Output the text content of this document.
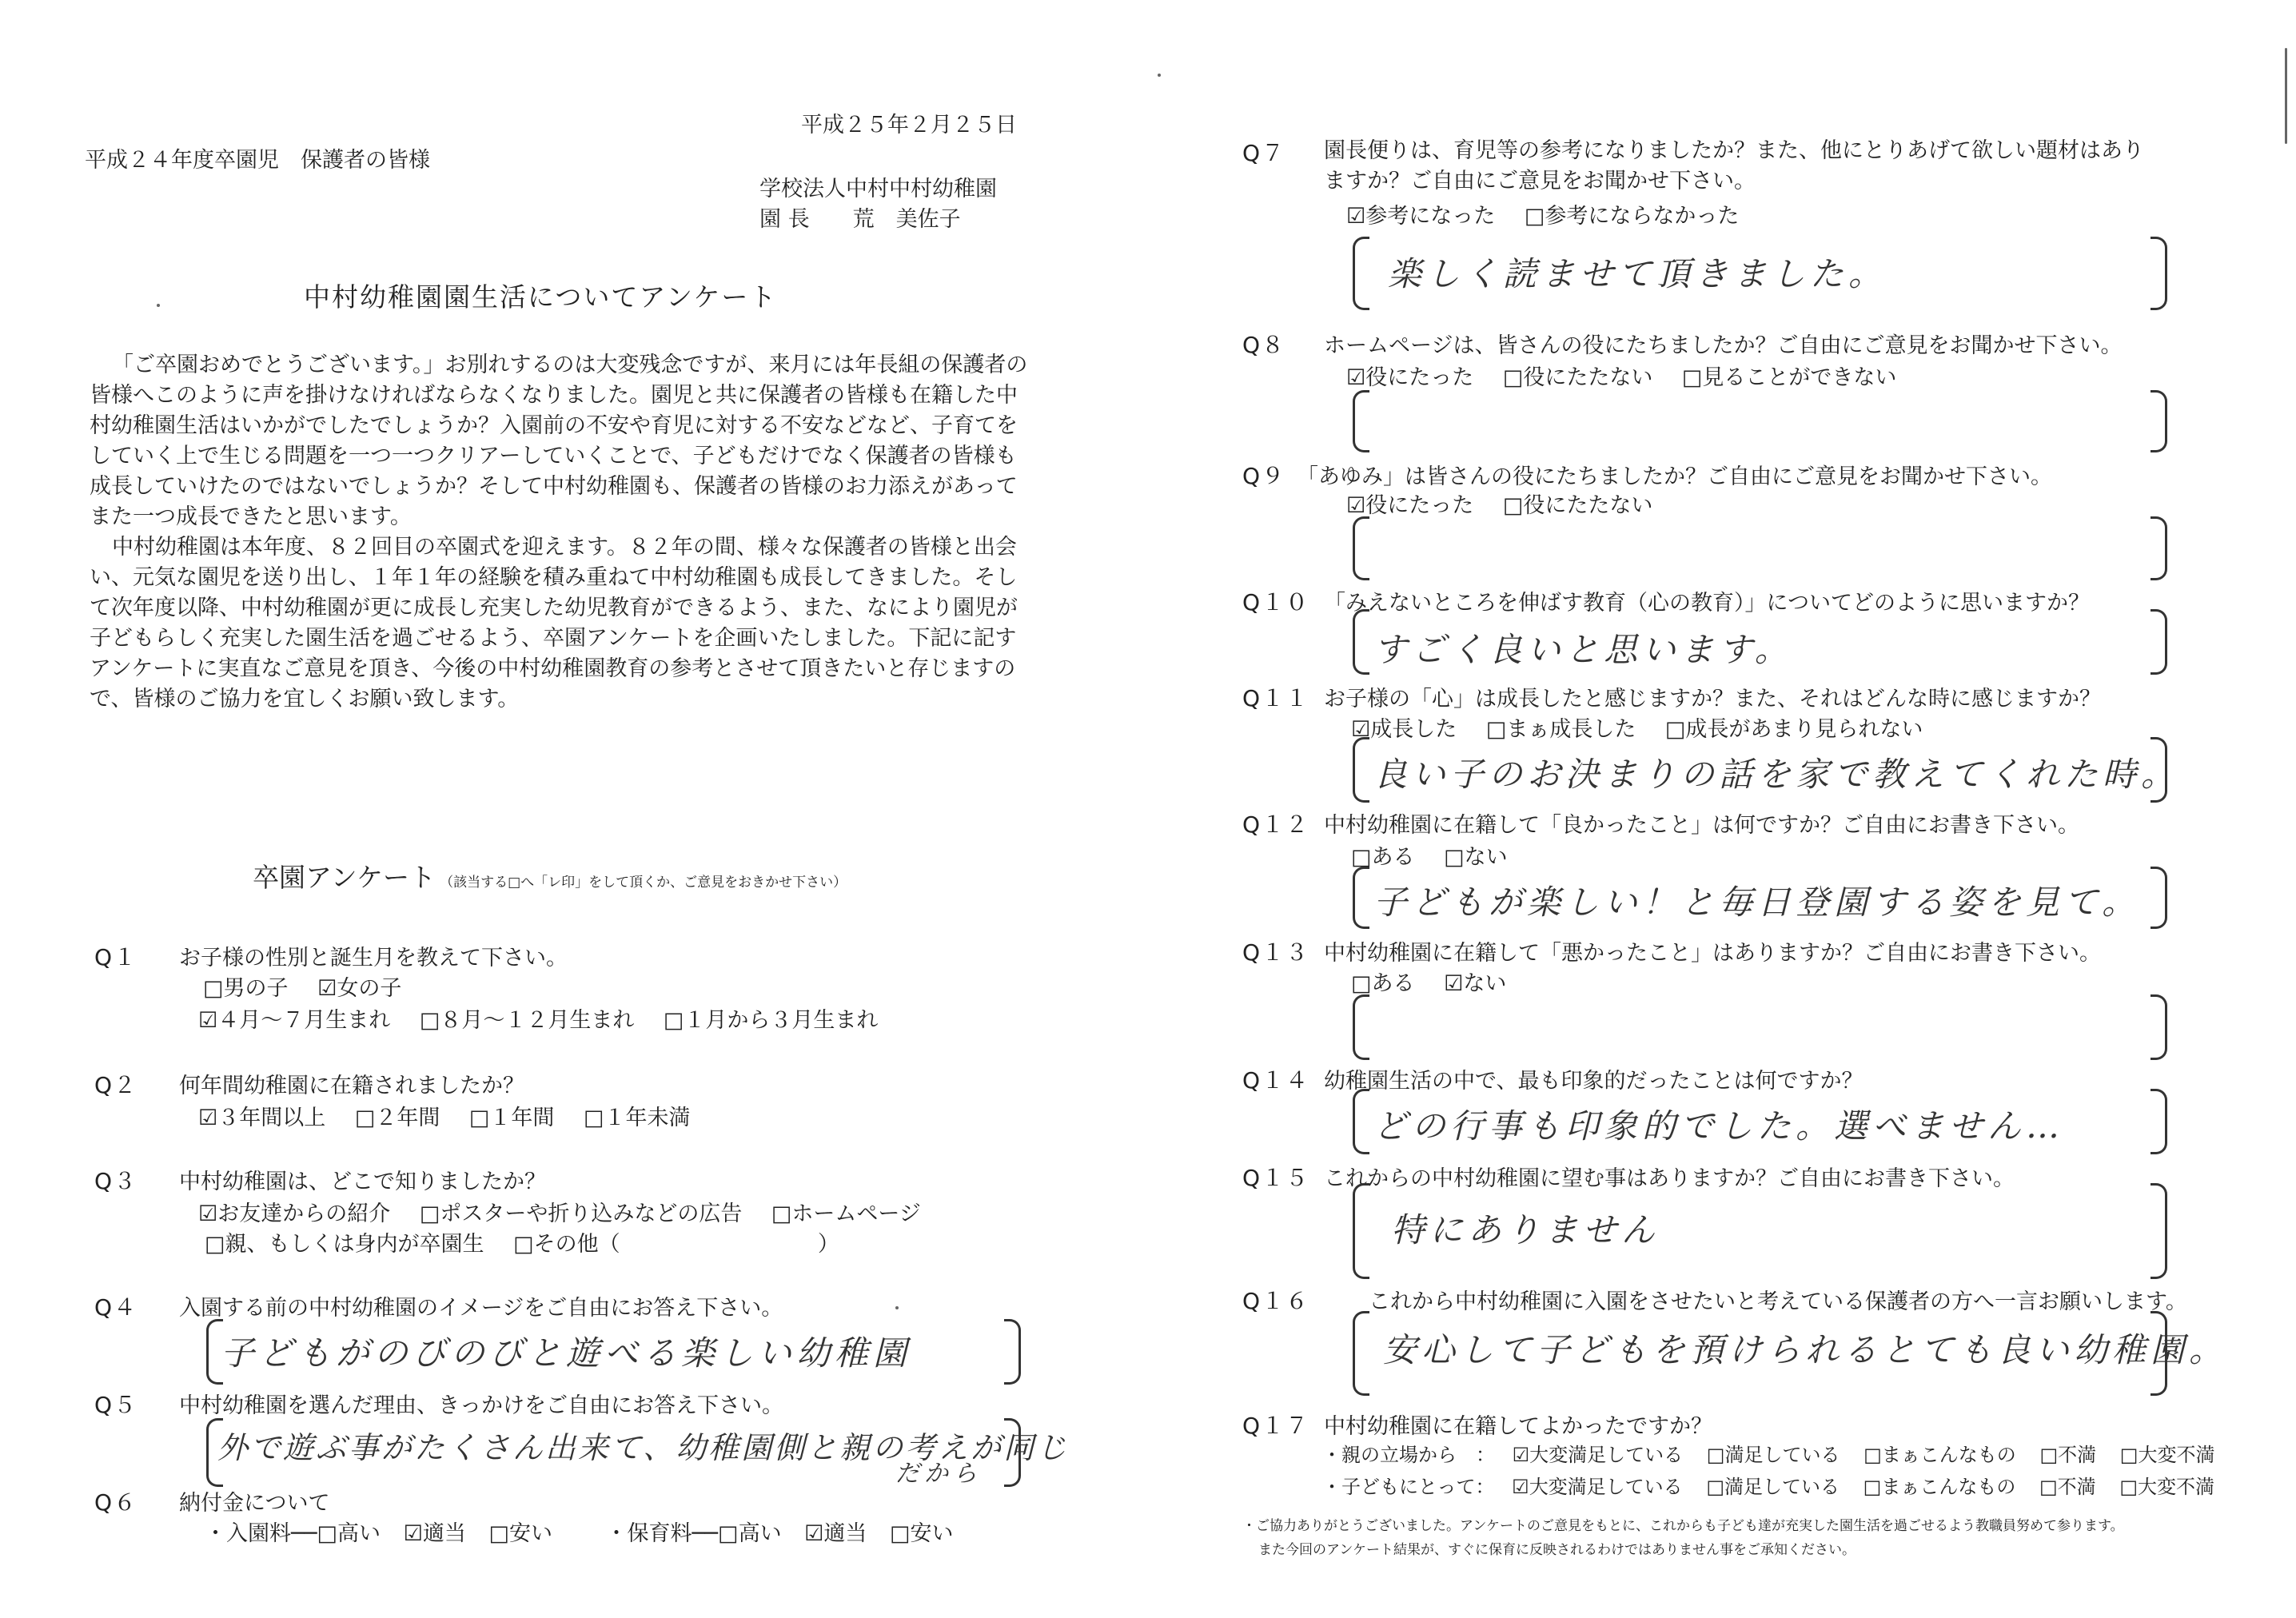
平成２５年２月２５日
平成２４年度卒園児　保護者の皆様
学校法人中村中村幼稚園
園 長　　荒　美佐子
中村幼稚園園生活についてアンケート

「ご卒園おめでとうございます。」お別れするのは大変残念ですが、来月には年長組の保護者の皆様へこのように声を掛けなければならなくなりました。園児と共に保護者の皆様も在籍した中村幼稚園生活はいかがでしたでしょうか？入園前の不安や育児に対する不安などなど、子育てをしていく上で生じる問題を一つ一つクリアーしていくことで、子どもだけでなく保護者の皆様も成長していけたのではないでしょうか？そして中村幼稚園も、保護者の皆様のお力添えがあってまた一つ成長できたと思います。

中村幼稚園は本年度、８２回目の卒園式を迎えます。８２年の間、様々な保護者の皆様と出会い、元気な園児を送り出し、１年１年の経験を積み重ねて中村幼稚園も成長してきました。そして次年度以降、中村幼稚園が更に成長し充実した幼児教育ができるよう、また、なにより園児が子どもらしく充実した園生活を過ごせるよう、卒園アンケートを企画いたしました。下記に記すアンケートに実直なご意見を頂き、今後の中村幼稚園教育の参考とさせて頂きたいと存じますので、皆様のご協力を宜しくお願い致します。

卒園アンケート （該当する□へ「レ印」をして頂くか、ご意見をおきかせ下さい）
Q１ お子様の性別と誕生月を教えて下さい。
□男の子 ☑女の子
☑４月～７月生まれ □８月～１２月生まれ □１月から３月生まれ
Q２ 何年間幼稚園に在籍されましたか？
☑３年間以上 □２年間 □１年間 □１年未満
Q３ 中村幼稚園は、どこで知りましたか？
☑お友達からの紹介 □ポスターや折り込みなどの広告 □ホームページ
□親、もしくは身内が卒園生 □その他（	）
Q４ 入園する前の中村幼稚園のイメージをご自由にお答え下さい。
子どもがのびのびと遊べる楽しい幼稚園
Q５ 中村幼稚園を選んだ理由、きっかけをご自由にお答え下さい。
外で遊ぶ事がたくさん出来て、幼稚園側と親の考えが同じ
だから
Q６ 納付金について
・入園料──□高い ☑適当 □安い ・保育料──□高い ☑適当 □安い
Q７ 園長便りは、育児等の参考になりましたか？また、他にとりあげて欲しい題材はありますか？ご自由にご意見をお聞かせ下さい。
☑参考になった □参考にならなかった
楽しく読ませて頂きました。
Q８ ホームページは、皆さんの役にたちましたか？ご自由にご意見をお聞かせ下さい。
☑役にたった □役にたたない □見ることができない
Q９ 「あゆみ」は皆さんの役にたちましたか？ご自由にご意見をお聞かせ下さい。
☑役にたった □役にたたない
Q１０ 「みえないところを伸ばす教育（心の教育）」についてどのように思いますか？
すごく良いと思います。
Q１１ お子様の「心」は成長したと感じますか？また、それはどんな時に感じますか？
☑成長した □まぁ成長した □成長があまり見られない
良い子のお決まりの話を家で教えてくれた時。
Q１２ 中村幼稚園に在籍して「良かったこと」は何ですか？ご自由にお書き下さい。
□ある □ない
子どもが楽しい！と毎日登園する姿を見て。
Q１３ 中村幼稚園に在籍して「悪かったこと」はありますか？ご自由にお書き下さい。
□ある ☑ない
Q１４ 幼稚園生活の中で、最も印象的だったことは何ですか？
どの行事も印象的でした。選べません…
Q１５ これからの中村幼稚園に望む事はありますか？ご自由にお書き下さい。
特にありません
Q１６	これから中村幼稚園に入園をさせたいと考えている保護者の方へ一言お願いします。
安心して子どもを預けられるとても良い幼稚園。
Q１７ 中村幼稚園に在籍してよかったですか？
・親の立場から　： ☑大変満足している □満足している □まぁこんなもの □不満 □大変不満
・子どもにとって： ☑大変満足している □満足している □まぁこんなもの □不満 □大変不満
・ご協力ありがとうございました。アンケートのご意見をもとに、これからも子ども達が充実した園生活を過ごせるよう教職員努めて参ります。
また今回のアンケート結果が、すぐに保育に反映されるわけではありません事をご承知ください。
